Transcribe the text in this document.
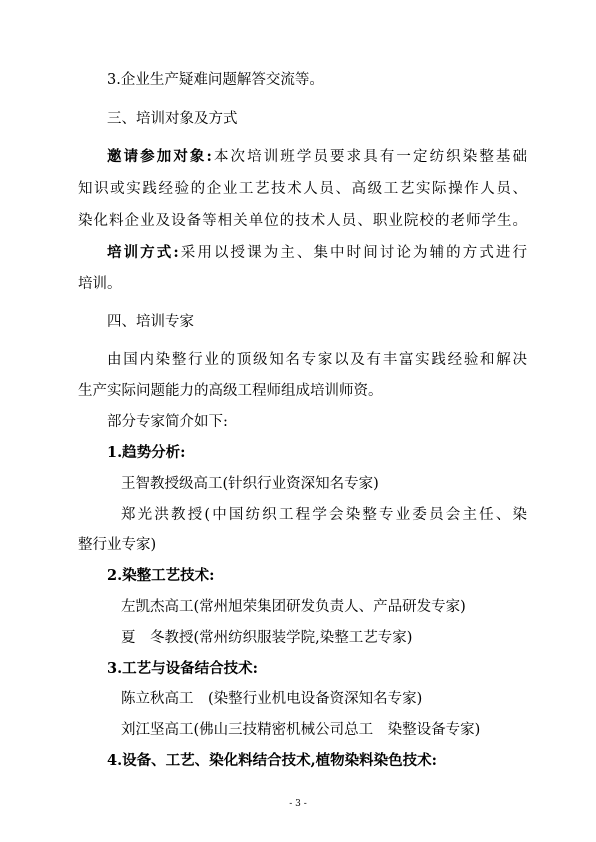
3.企业生产疑难问题解答交流等。
三、培训对象及方式
邀请参加对象:本次培训班学员要求具有一定纺织染整基础
知识或实践经验的企业工艺技术人员、高级工艺实际操作人员、
染化料企业及设备等相关单位的技术人员、职业院校的老师学生。
培训方式:采用以授课为主、集中时间讨论为辅的方式进行
培训。
四、培训专家
由国内染整行业的顶级知名专家以及有丰富实践经验和解决
生产实际问题能力的高级工程师组成培训师资。
部分专家简介如下:
1.趋势分析:
王智教授级高工(针织行业资深知名专家)
郑光洪教授(中国纺织工程学会染整专业委员会主任、染
整行业专家)
2.染整工艺技术:
左凯杰高工(常州旭荣集团研发负责人、产品研发专家)
夏　冬教授(常州纺织服装学院,染整工艺专家)
3.工艺与设备结合技术:
陈立秋高工　(染整行业机电设备资深知名专家)
刘江坚高工(佛山三技精密机械公司总工　染整设备专家)
4.设备、工艺、染化料结合技术,植物染料染色技术:
- 3 -
